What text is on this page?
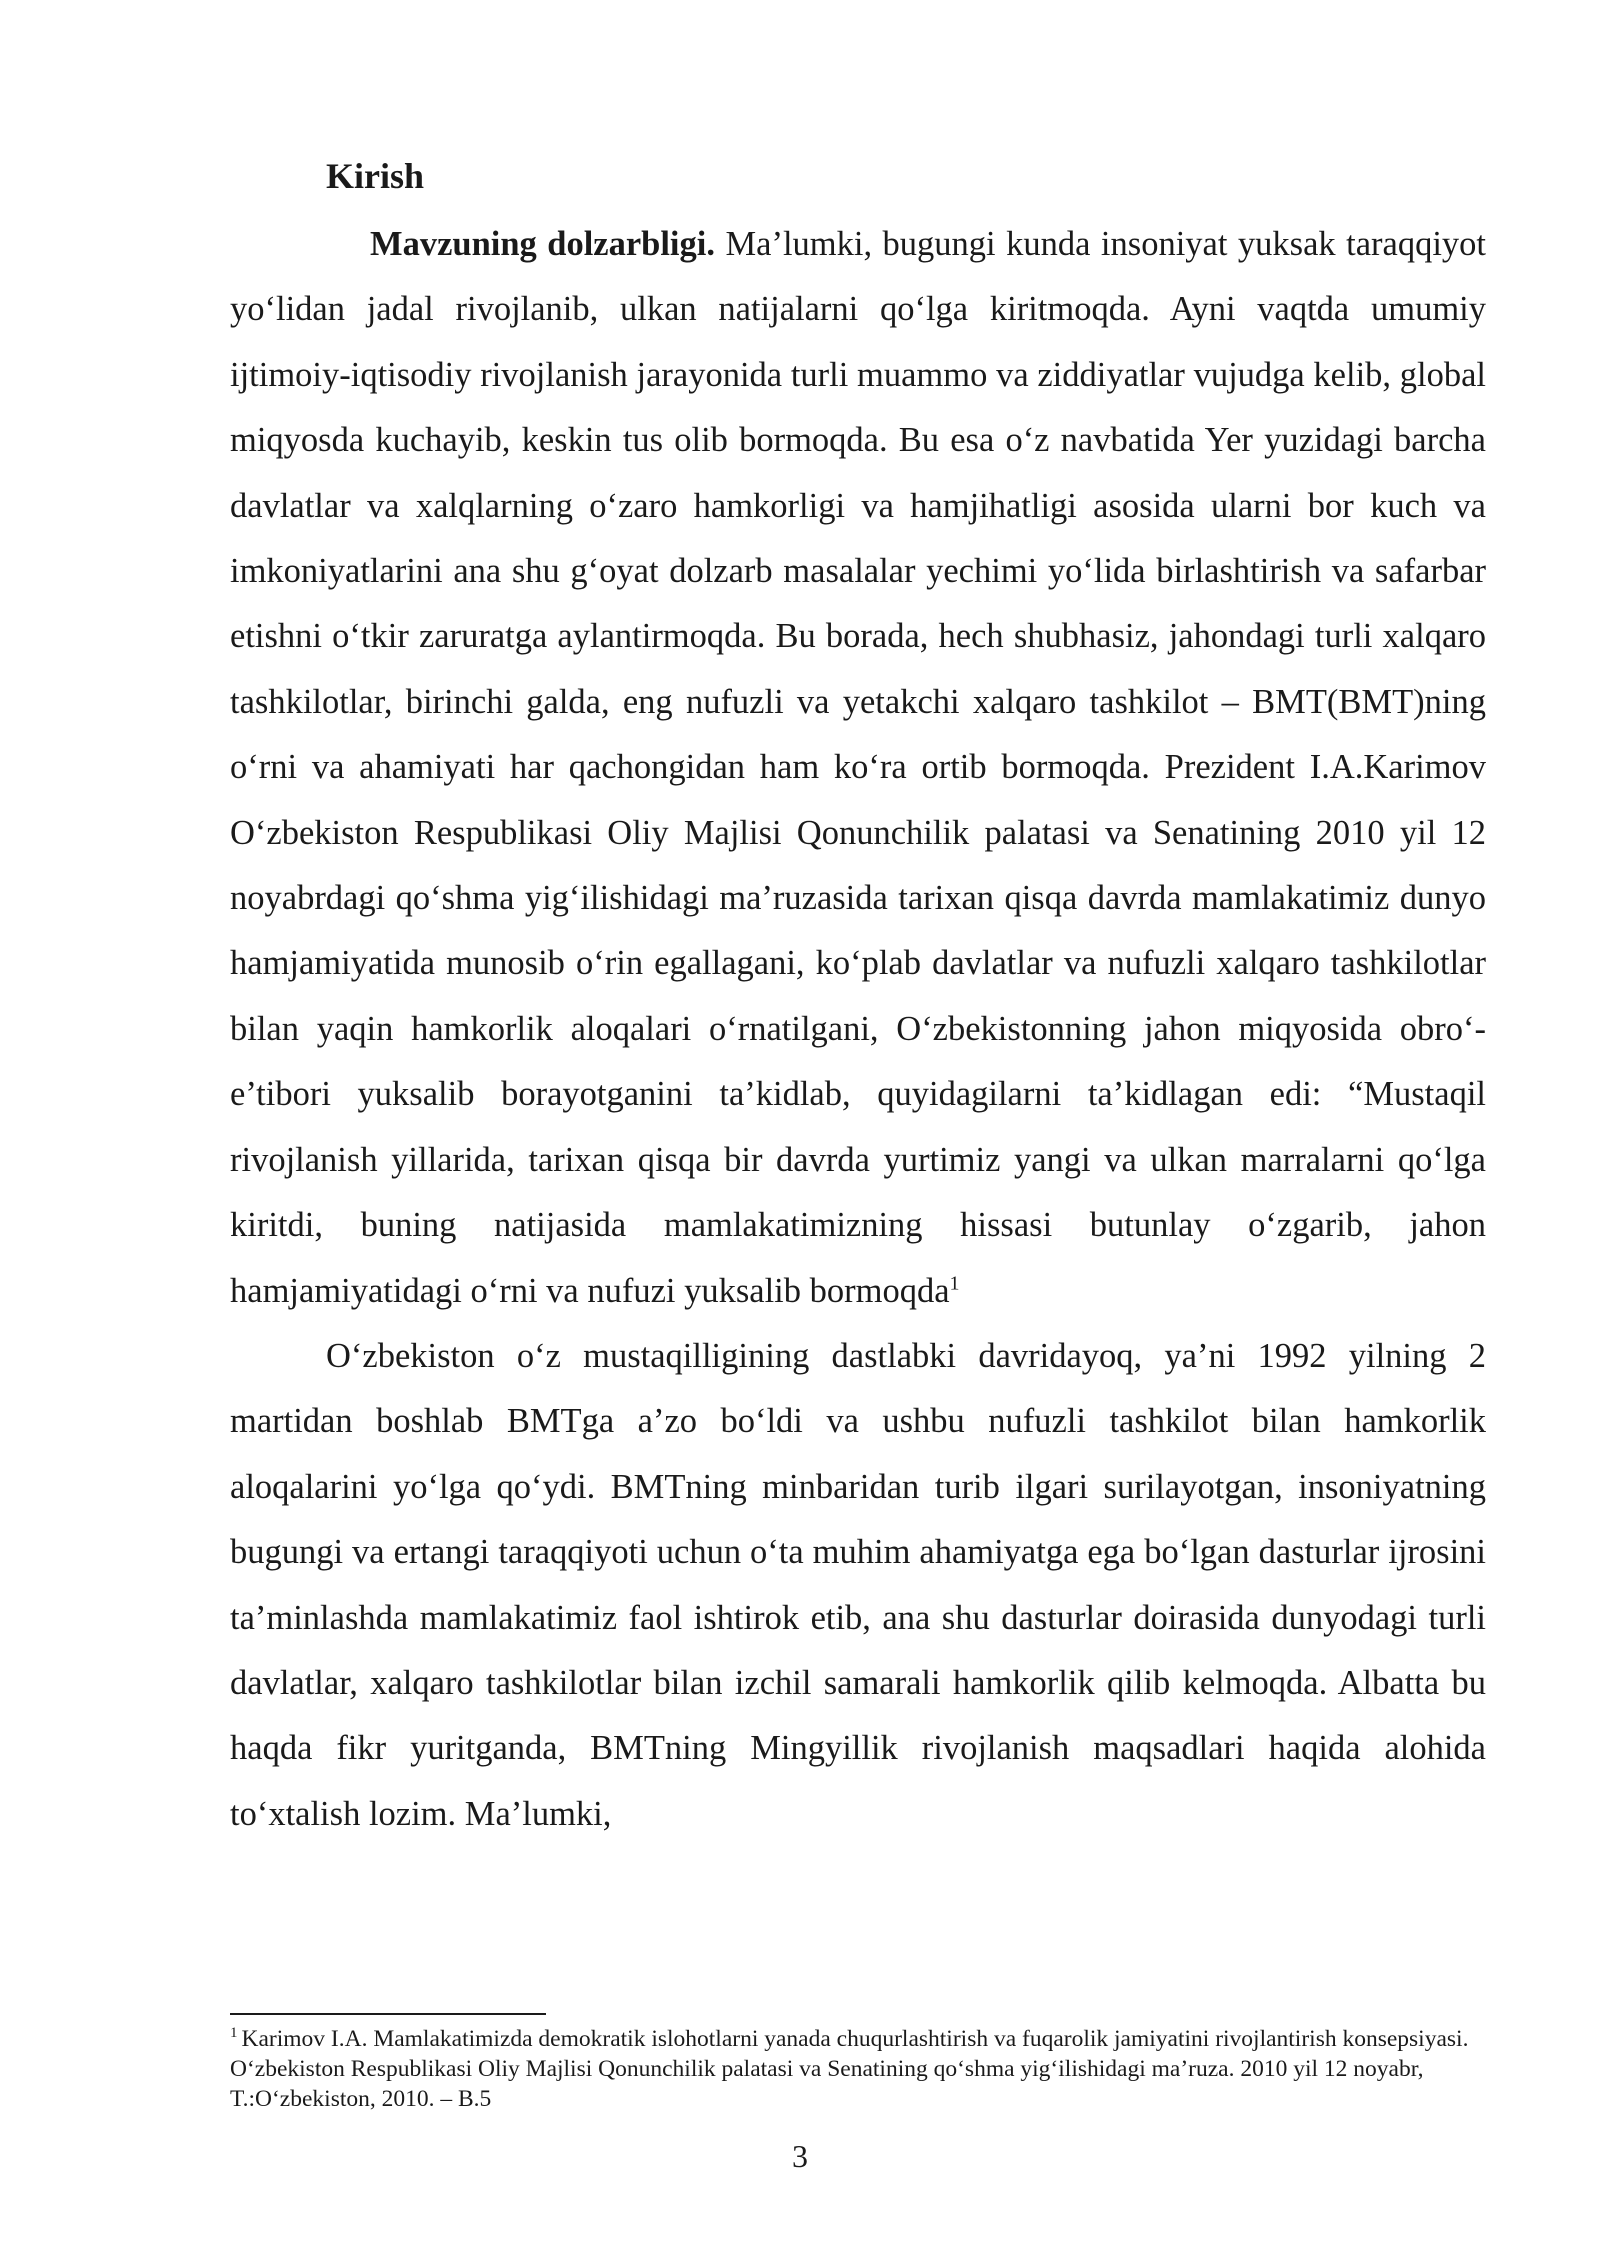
Kirish

Mavzuning dolzarbligi. Ma’lumki, bugungi kunda insoniyat yuksak taraqqiyot yo‘lidan jadal rivojlanib, ulkan natijalarni qo‘lga kiritmoqda. Ayni vaqtda umumiy ijtimoiy-iqtisodiy rivojlanish jarayonida turli muammo va ziddiyatlar vujudga kelib, global miqyosda kuchayib, keskin tus olib bormoqda. Bu esa o‘z navbatida Yer yuzidagi barcha davlatlar va xalqlarning o‘zaro hamkorligi va hamjihatligi asosida ularni bor kuch va imkoniyatlarini ana shu g‘oyat dolzarb masalalar yechimi yo‘lida birlashtirish va safarbar etishni o‘tkir zaruratga aylantirmoqda. Bu borada, hech shubhasiz, jahondagi turli xalqaro tashkilotlar, birinchi galda, eng nufuzli va yetakchi xalqaro tashkilot – BMT(BMT)ning o‘rni va ahamiyati har qachongidan ham ko‘ra ortib bormoqda. Prezident I.A.Karimov O‘zbekiston Respublikasi Oliy Majlisi Qonunchilik palatasi va Senatining 2010 yil 12 noyabrdagi qo‘shma yig‘ilishidagi ma’ruzasida tarixan qisqa davrda mamlakatimiz dunyo hamjamiyatida munosib o‘rin egallagani, ko‘plab davlatlar va nufuzli xalqaro tashkilotlar bilan yaqin hamkorlik aloqalari o‘rnatilgani, O‘zbekistonning jahon miqyosida obro‘-e’tibori yuksalib borayotganini ta’kidlab, quyidagilarni ta’kidlagan edi: “Mustaqil rivojlanish yillarida, tarixan qisqa bir davrda yurtimiz yangi va ulkan marralarni qo‘lga kiritdi, buning natijasida mamlakatimizning hissasi butunlay o‘zgarib, jahon hamjamiyatidagi o‘rni va nufuzi yuksalib bormoqda$^1$

O‘zbekiston o‘z mustaqilligining dastlabki davridayoq, ya’ni 1992 yilning 2 martidan boshlab BMTga a’zo bo‘ldi va ushbu nufuzli tashkilot bilan hamkorlik aloqalarini yo‘lga qo‘ydi. BMTning minbaridan turib ilgari surilayotgan, insoniyatning bugungi va ertangi taraqqiyoti uchun o‘ta muhim ahamiyatga ega bo‘lgan dasturlar ijrosini ta’minlashda mamlakatimiz faol ishtirok etib, ana shu dasturlar doirasida dunyodagi turli davlatlar, xalqaro tashkilotlar bilan izchil samarali hamkorlik qilib kelmoqda. Albatta bu haqda fikr yuritganda, BMTning Mingyillik rivojlanish maqsadlari haqida alohida to‘xtalish lozim. Ma’lumki,

$^1$ Karimov I.A. Mamlakatimizda demokratik islohotlarni yanada chuqurlashtirish va fuqarolik jamiyatini rivojlantirish konsepsiyasi. O‘zbekiston Respublikasi Oliy Majlisi Qonunchilik palatasi va Senatining qo‘shma yig‘ilishidagi ma’ruza. 2010 yil 12 noyabr, T.:O‘zbekiston, 2010. – B.5
3
